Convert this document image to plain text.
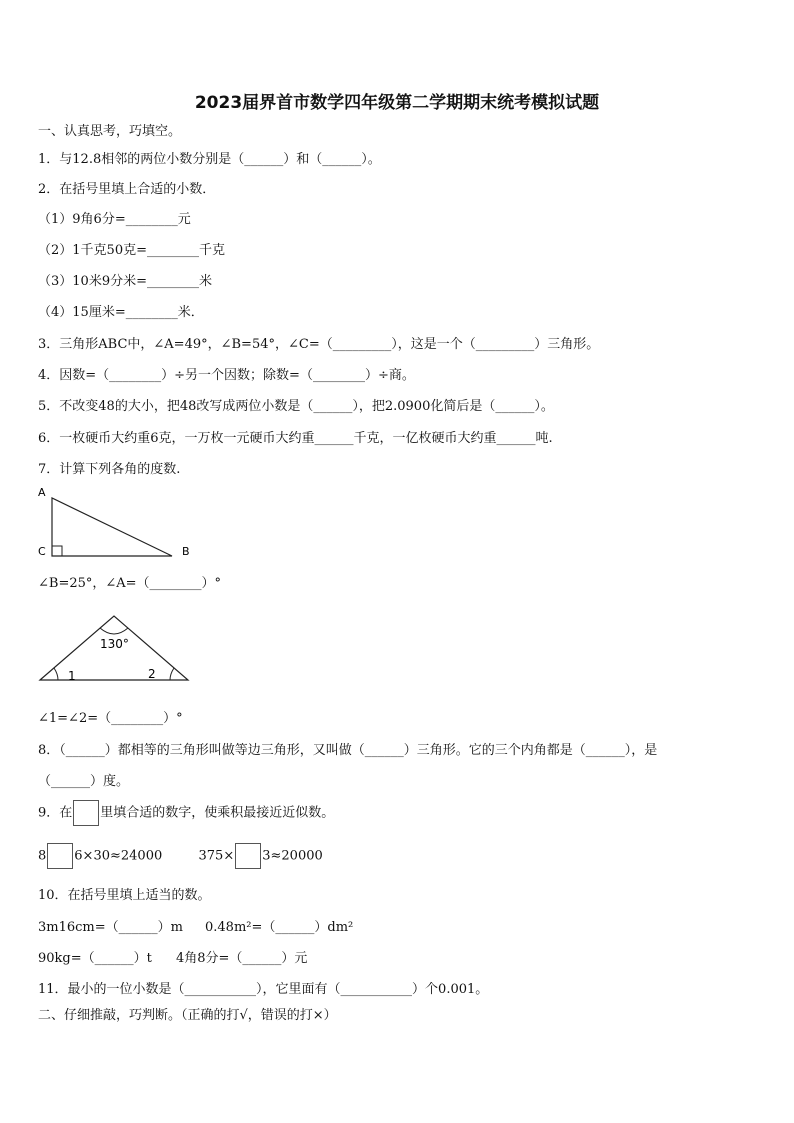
2023届界首市数学四年级第二学期期末统考模拟试题
一、认真思考，巧填空。
1．与12.8相邻的两位小数分别是（______）和（______）。
2．在括号里填上合适的小数．
（1）9角6分=________元
（2）1千克50克=________千克
（3）10米9分米=________米
（4）15厘米=________米．
3．三角形ABC中，∠A=49°，∠B=54°，∠C=（_________），这是一个（_________）三角形。
4．因数=（________）÷另一个因数；除数=（________）÷商。
5．不改变48的大小，把48改写成两位小数是（______），把2.0900化简后是（______）。
6．一枚硬币大约重6克，一万枚一元硬币大约重______千克，一亿枚硬币大约重______吨.
7．计算下列各角的度数.
A
C	B
∠B=25°，∠A=（________）°
130°
1	2
∠1=∠2=（________）°
8．（______）都相等的三角形叫做等边三角形，又叫做（______）三角形。它的三个内角都是（______），是
（______）度。
9．在 里填合适的数字，使乘积最接近近似数。
8 6×30≈24000	375× 3≈20000
10．在括号里填上适当的数。
3m16cm=（______）m 0.48m²=（______）dm²
90kg=（______）t 4角8分=（______）元
11．最小的一位小数是（___________），它里面有（___________）个0.001。
二、仔细推敲，巧判断。（正确的打√，错误的打×）
